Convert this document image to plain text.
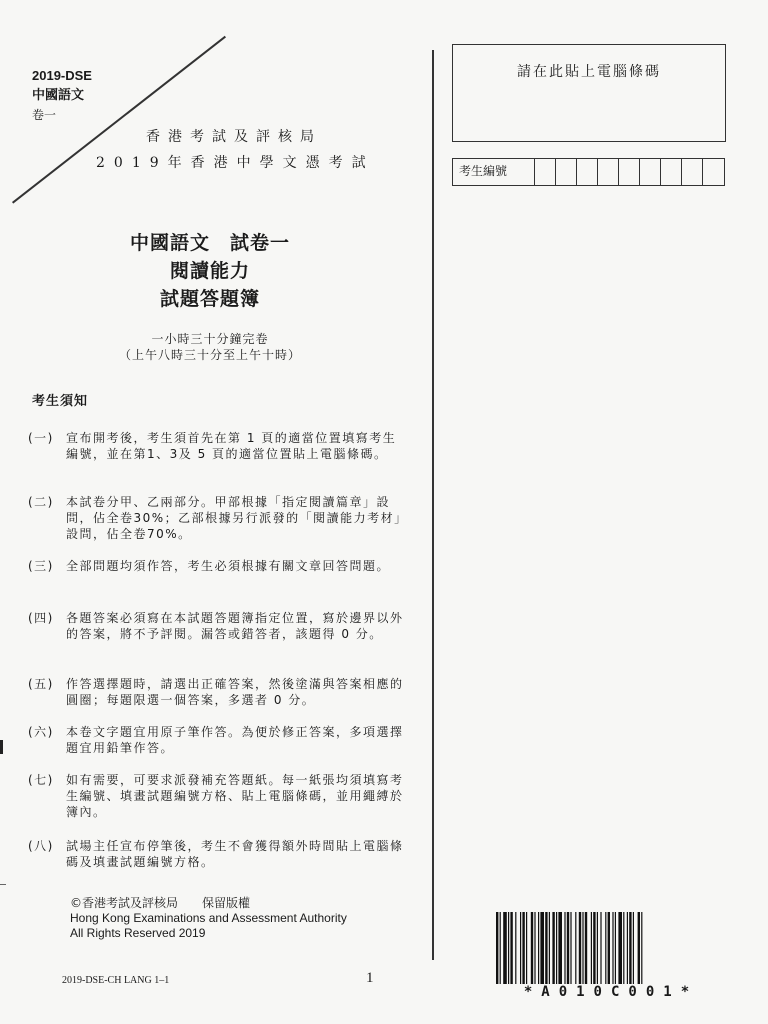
2019-DSE
中國語文
卷一
香港考試及評核局
2019年香港中學文憑考試
中國語文　試卷一
閱讀能力
試題答題簿
一小時三十分鐘完卷
（上午八時三十分至上午十時）
考生須知
(一)	宣布開考後，考生須首先在第 1 頁的適當位置填寫考生編號，並在第1、3及 5 頁的適當位置貼上電腦條碼。
(二)	本試卷分甲、乙兩部分。甲部根據「指定閱讀篇章」設問，佔全卷30%；乙部根據另行派發的「閱讀能力考材」設問，佔全卷70%。
(三)	全部問題均須作答，考生必須根據有關文章回答問題。
(四)	各題答案必須寫在本試題答題簿指定位置，寫於邊界以外的答案，將不予評閱。漏答或錯答者，該題得 0 分。
(五)	作答選擇題時，請選出正確答案，然後塗滿與答案相應的圓圈；每題限選一個答案，多選者 0 分。
(六)	本卷文字題宜用原子筆作答。為便於修正答案，多項選擇題宜用鉛筆作答。
(七)	如有需要，可要求派發補充答題紙。每一紙張均須填寫考生編號、填畫試題編號方格、貼上電腦條碼，並用繩縛於簿內。
(八)	試場主任宣布停筆後，考生不會獲得額外時間貼上電腦條碼及填畫試題編號方格。
©香港考試及評核局　　保留版權
Hong Kong Examinations and Assessment Authority
All Rights Reserved 2019
2019-DSE-CH LANG 1–1	1
請在此貼上電腦條碼
考生編號
*A010C001*
